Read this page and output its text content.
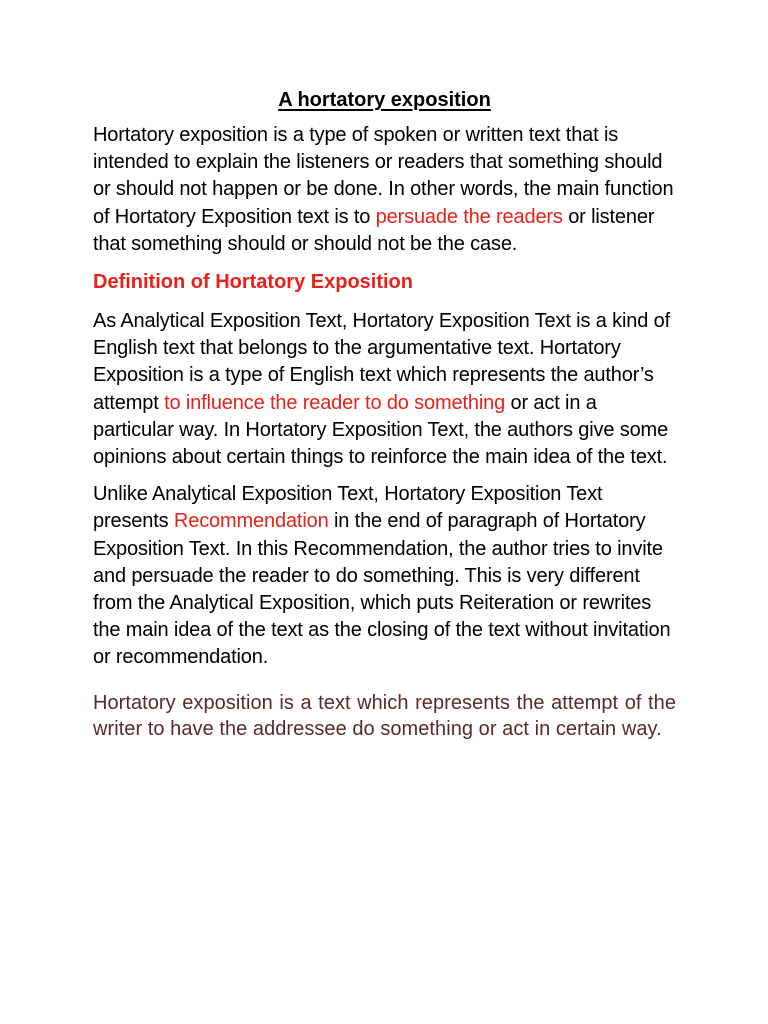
A hortatory exposition

Hortatory exposition is a type of spoken or written text that is intended to explain the listeners or readers that something should or should not happen or be done. In other words, the main function of Hortatory Exposition text is to persuade the readers or listener that something should or should not be the case.

Definition of Hortatory Exposition

As Analytical Exposition Text, Hortatory Exposition Text is a kind of English text that belongs to the argumentative text. Hortatory Exposition is a type of English text which represents the author’s attempt to influence the reader to do something or act in a particular way. In Hortatory Exposition Text, the authors give some opinions about certain things to reinforce the main idea of the text.

Unlike Analytical Exposition Text, Hortatory Exposition Text presents Recommendation in the end of paragraph of Hortatory Exposition Text. In this Recommendation, the author tries to invite and persuade the reader to do something. This is very different from the Analytical Exposition, which puts Reiteration or rewrites the main idea of the text as the closing of the text without invitation or recommendation.

Hortatory exposition is a text which represents the attempt of the writer to have the addressee do something or act in certain way.
